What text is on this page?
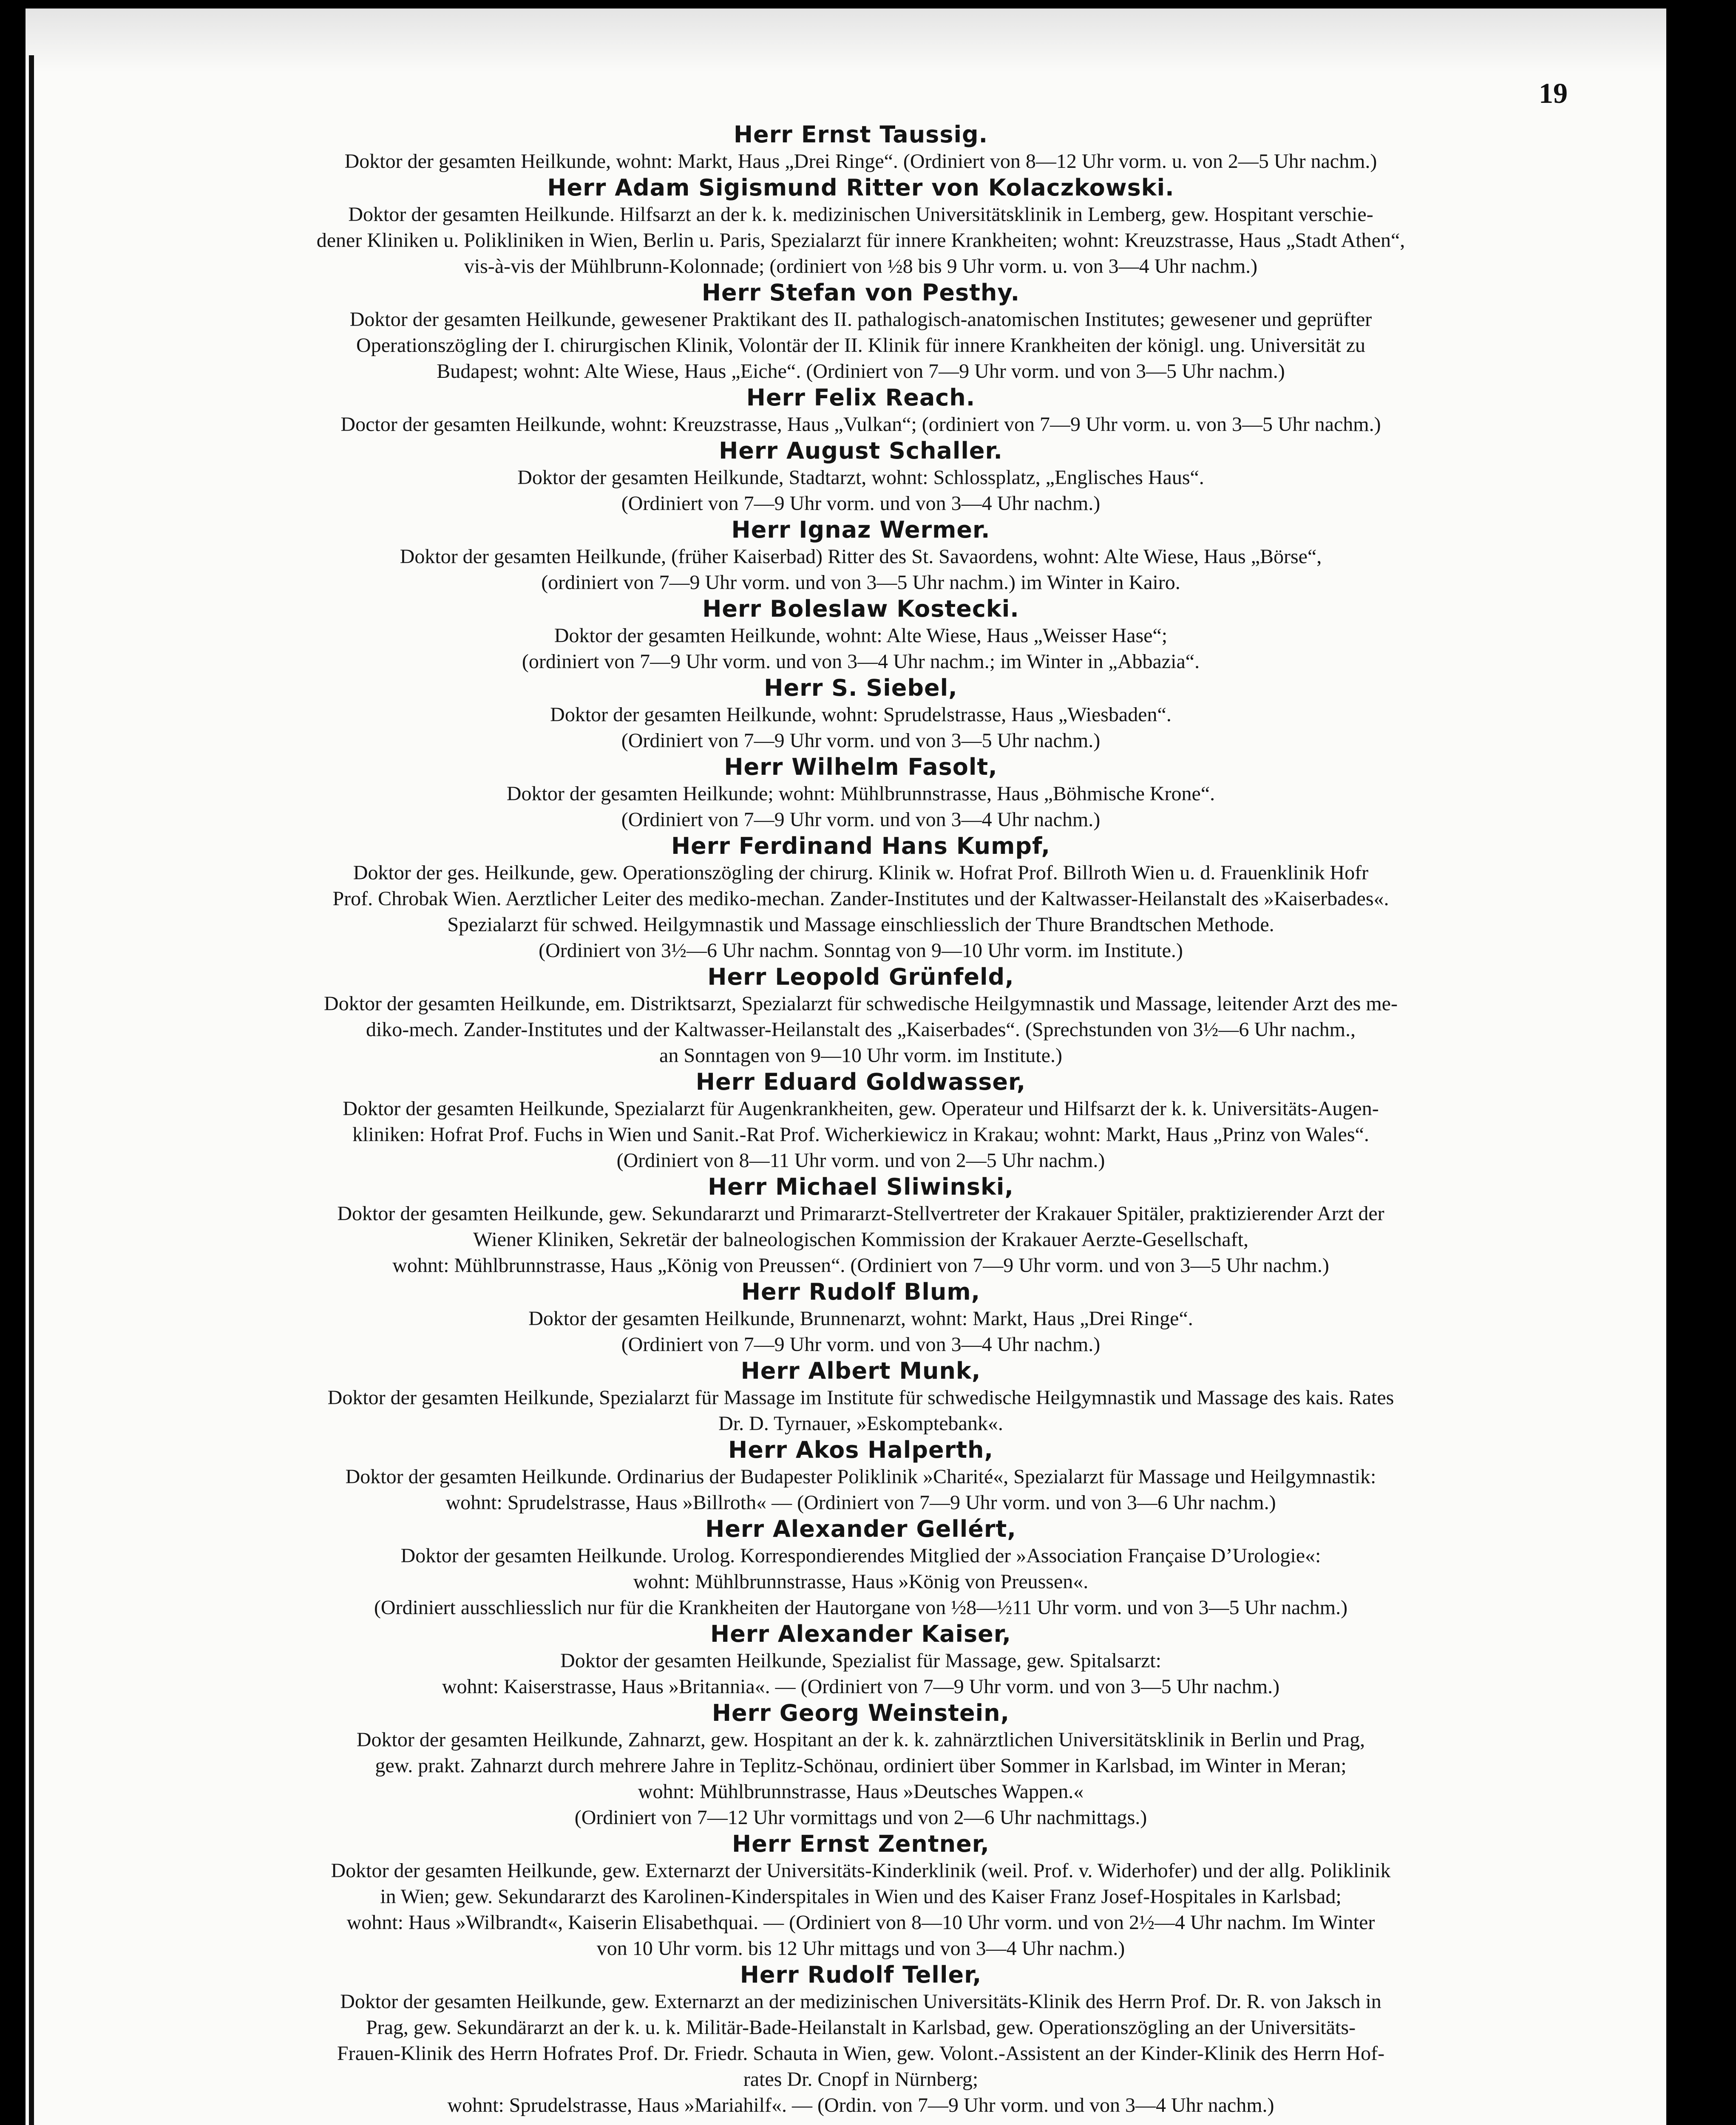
19
Herr Ernst Taussig.
Doktor der gesamten Heilkunde, wohnt: Markt, Haus „Drei Ringe“. (Ordiniert von 8—12 Uhr vorm. u. von 2—5 Uhr nachm.)
Herr Adam Sigismund Ritter von Kolaczkowski.
Doktor der gesamten Heilkunde. Hilfsarzt an der k. k. medizinischen Universitätsklinik in Lemberg, gew. Hospitant verschie-
dener Kliniken u. Polikliniken in Wien, Berlin u. Paris, Spezialarzt für innere Krankheiten; wohnt: Kreuzstrasse, Haus „Stadt Athen“,
vis-à-vis der Mühlbrunn-Kolonnade; (ordiniert von ½8 bis 9 Uhr vorm. u. von 3—4 Uhr nachm.)
Herr Stefan von Pesthy.
Doktor der gesamten Heilkunde, gewesener Praktikant des II. pathalogisch-anatomischen Institutes; gewesener und geprüfter
Operationszögling der I. chirurgischen Klinik, Volontär der II. Klinik für innere Krankheiten der königl. ung. Universität zu
Budapest; wohnt: Alte Wiese, Haus „Eiche“. (Ordiniert von 7—9 Uhr vorm. und von 3—5 Uhr nachm.)
Herr Felix Reach.
Doctor der gesamten Heilkunde, wohnt: Kreuzstrasse, Haus „Vulkan“; (ordiniert von 7—9 Uhr vorm. u. von 3—5 Uhr nachm.)
Herr August Schaller.
Doktor der gesamten Heilkunde, Stadtarzt, wohnt: Schlossplatz, „Englisches Haus“.
(Ordiniert von 7—9 Uhr vorm. und von 3—4 Uhr nachm.)
Herr Ignaz Wermer.
Doktor der gesamten Heilkunde, (früher Kaiserbad) Ritter des St. Savaordens, wohnt: Alte Wiese, Haus „Börse“,
(ordiniert von 7—9 Uhr vorm. und von 3—5 Uhr nachm.) im Winter in Kairo.
Herr Boleslaw Kostecki.
Doktor der gesamten Heilkunde, wohnt: Alte Wiese, Haus „Weisser Hase“;
(ordiniert von 7—9 Uhr vorm. und von 3—4 Uhr nachm.; im Winter in „Abbazia“.
Herr S. Siebel,
Doktor der gesamten Heilkunde, wohnt: Sprudelstrasse, Haus „Wiesbaden“.
(Ordiniert von 7—9 Uhr vorm. und von 3—5 Uhr nachm.)
Herr Wilhelm Fasolt,
Doktor der gesamten Heilkunde; wohnt: Mühlbrunnstrasse, Haus „Böhmische Krone“.
(Ordiniert von 7—9 Uhr vorm. und von 3—4 Uhr nachm.)
Herr Ferdinand Hans Kumpf,
Doktor der ges. Heilkunde, gew. Operationszögling der chirurg. Klinik w. Hofrat Prof. Billroth Wien u. d. Frauenklinik Hofr
Prof. Chrobak Wien. Aerztlicher Leiter des mediko-mechan. Zander-Institutes und der Kaltwasser-Heilanstalt des »Kaiserbades«.
Spezialarzt für schwed. Heilgymnastik und Massage einschliesslich der Thure Brandtschen Methode.
(Ordiniert von 3½—6 Uhr nachm. Sonntag von 9—10 Uhr vorm. im Institute.)
Herr Leopold Grünfeld,
Doktor der gesamten Heilkunde, em. Distriktsarzt, Spezialarzt für schwedische Heilgymnastik und Massage, leitender Arzt des me-
diko-mech. Zander-Institutes und der Kaltwasser-Heilanstalt des „Kaiserbades“. (Sprechstunden von 3½—6 Uhr nachm.,
an Sonntagen von 9—10 Uhr vorm. im Institute.)
Herr Eduard Goldwasser,
Doktor der gesamten Heilkunde, Spezialarzt für Augenkrankheiten, gew. Operateur und Hilfsarzt der k. k. Universitäts-Augen-
kliniken: Hofrat Prof. Fuchs in Wien und Sanit.-Rat Prof. Wicherkiewicz in Krakau; wohnt: Markt, Haus „Prinz von Wales“.
(Ordiniert von 8—11 Uhr vorm. und von 2—5 Uhr nachm.)
Herr Michael Sliwinski,
Doktor der gesamten Heilkunde, gew. Sekundararzt und Primararzt-Stellvertreter der Krakauer Spitäler, praktizierender Arzt der
Wiener Kliniken, Sekretär der balneologischen Kommission der Krakauer Aerzte-Gesellschaft,
wohnt: Mühlbrunnstrasse, Haus „König von Preussen“. (Ordiniert von 7—9 Uhr vorm. und von 3—5 Uhr nachm.)
Herr Rudolf Blum,
Doktor der gesamten Heilkunde, Brunnenarzt, wohnt: Markt, Haus „Drei Ringe“.
(Ordiniert von 7—9 Uhr vorm. und von 3—4 Uhr nachm.)
Herr Albert Munk,
Doktor der gesamten Heilkunde, Spezialarzt für Massage im Institute für schwedische Heilgymnastik und Massage des kais. Rates
Dr. D. Tyrnauer, »Eskomptebank«.
Herr Akos Halperth,
Doktor der gesamten Heilkunde. Ordinarius der Budapester Poliklinik »Charité«, Spezialarzt für Massage und Heilgymnastik:
wohnt: Sprudelstrasse, Haus »Billroth« — (Ordiniert von 7—9 Uhr vorm. und von 3—6 Uhr nachm.)
Herr Alexander Gellért,
Doktor der gesamten Heilkunde. Urolog. Korrespondierendes Mitglied der »Association Française D’Urologie«:
wohnt: Mühlbrunnstrasse, Haus »König von Preussen«.
(Ordiniert ausschliesslich nur für die Krankheiten der Hautorgane von ½8—½11 Uhr vorm. und von 3—5 Uhr nachm.)
Herr Alexander Kaiser,
Doktor der gesamten Heilkunde, Spezialist für Massage, gew. Spitalsarzt:
wohnt: Kaiserstrasse, Haus »Britannia«. — (Ordiniert von 7—9 Uhr vorm. und von 3—5 Uhr nachm.)
Herr Georg Weinstein,
Doktor der gesamten Heilkunde, Zahnarzt, gew. Hospitant an der k. k. zahnärztlichen Universitätsklinik in Berlin und Prag,
gew. prakt. Zahnarzt durch mehrere Jahre in Teplitz-Schönau, ordiniert über Sommer in Karlsbad, im Winter in Meran;
wohnt: Mühlbrunnstrasse, Haus »Deutsches Wappen.«
(Ordiniert von 7—12 Uhr vormittags und von 2—6 Uhr nachmittags.)
Herr Ernst Zentner,
Doktor der gesamten Heilkunde, gew. Externarzt der Universitäts-Kinderklinik (weil. Prof. v. Widerhofer) und der allg. Poliklinik
in Wien; gew. Sekundararzt des Karolinen-Kinderspitales in Wien und des Kaiser Franz Josef-Hospitales in Karlsbad;
wohnt: Haus »Wilbrandt«, Kaiserin Elisabethquai. — (Ordiniert von 8—10 Uhr vorm. und von 2½—4 Uhr nachm. Im Winter
von 10 Uhr vorm. bis 12 Uhr mittags und von 3—4 Uhr nachm.)
Herr Rudolf Teller,
Doktor der gesamten Heilkunde, gew. Externarzt an der medizinischen Universitäts-Klinik des Herrn Prof. Dr. R. von Jaksch in
Prag, gew. Sekundärarzt an der k. u. k. Militär-Bade-Heilanstalt in Karlsbad, gew. Operationszögling an der Universitäts-
Frauen-Klinik des Herrn Hofrates Prof. Dr. Friedr. Schauta in Wien, gew. Volont.-Assistent an der Kinder-Klinik des Herrn Hof-
rates Dr. Cnopf in Nürnberg;
wohnt: Sprudelstrasse, Haus »Mariahilf«. — (Ordin. von 7—9 Uhr vorm. und von 3—4 Uhr nachm.)
